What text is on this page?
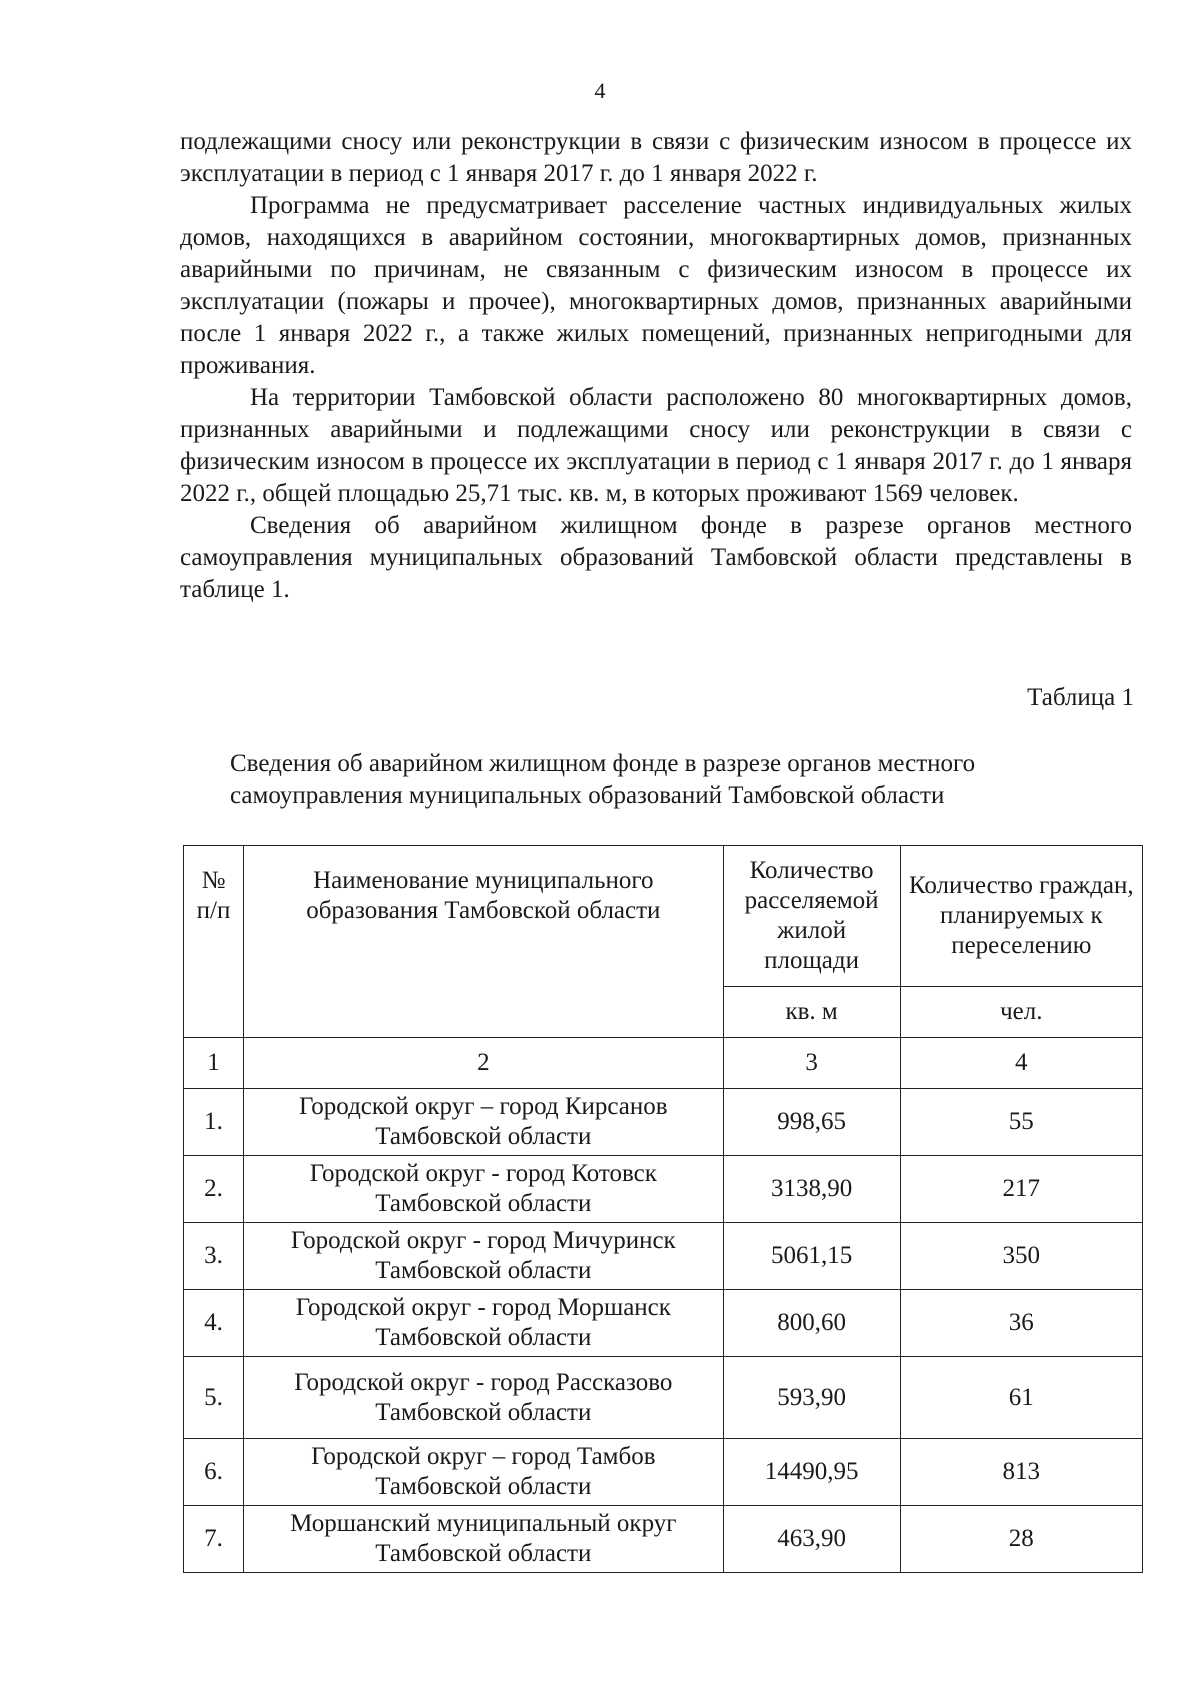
4

подлежащими сносу или реконструкции в связи с физическим износом в процессе их эксплуатации в период с 1 января 2017 г. до 1 января 2022 г.

Программа не предусматривает расселение частных индивидуальных жилых домов, находящихся в аварийном состоянии, многоквартирных домов, признанных аварийными по причинам, не связанным с физическим износом в процессе их эксплуатации (пожары и прочее), многоквартирных домов, признанных аварийными после 1 января 2022 г., а также жилых помещений, признанных непригодными для проживания.

На территории Тамбовской области расположено 80 многоквартирных домов, признанных аварийными и подлежащими сносу или реконструкции в связи с физическим износом в процессе их эксплуатации в период с 1 января 2017 г. до 1 января 2022 г., общей площадью 25,71 тыс. кв. м, в которых проживают 1569 человек.

Сведения об аварийном жилищном фонде в разрезе органов местного самоуправления муниципальных образований Тамбовской области представлены в таблице 1.

Таблица 1
Сведения об аварийном жилищном фонде в разрезе органов местного самоуправления муниципальных образований Тамбовской области
№ п/п	Наименование муниципального образования Тамбовской области	Количество расселяемой жилой площади	Количество граждан, планируемых к переселению
		кв. м	чел.
1	2	3	4
1.	Городской округ – город Кирсанов Тамбовской области	998,65	55
2.	Городской округ - город Котовск Тамбовской области	3138,90	217
3.	Городской округ - город Мичуринск Тамбовской области	5061,15	350
4.	Городской округ - город Моршанск Тамбовской области	800,60	36
5.	Городской округ - город Рассказово Тамбовской области	593,90	61
6.	Городской округ – город Тамбов Тамбовской области	14490,95	813
7.	Моршанский муниципальный округ Тамбовской области	463,90	28
